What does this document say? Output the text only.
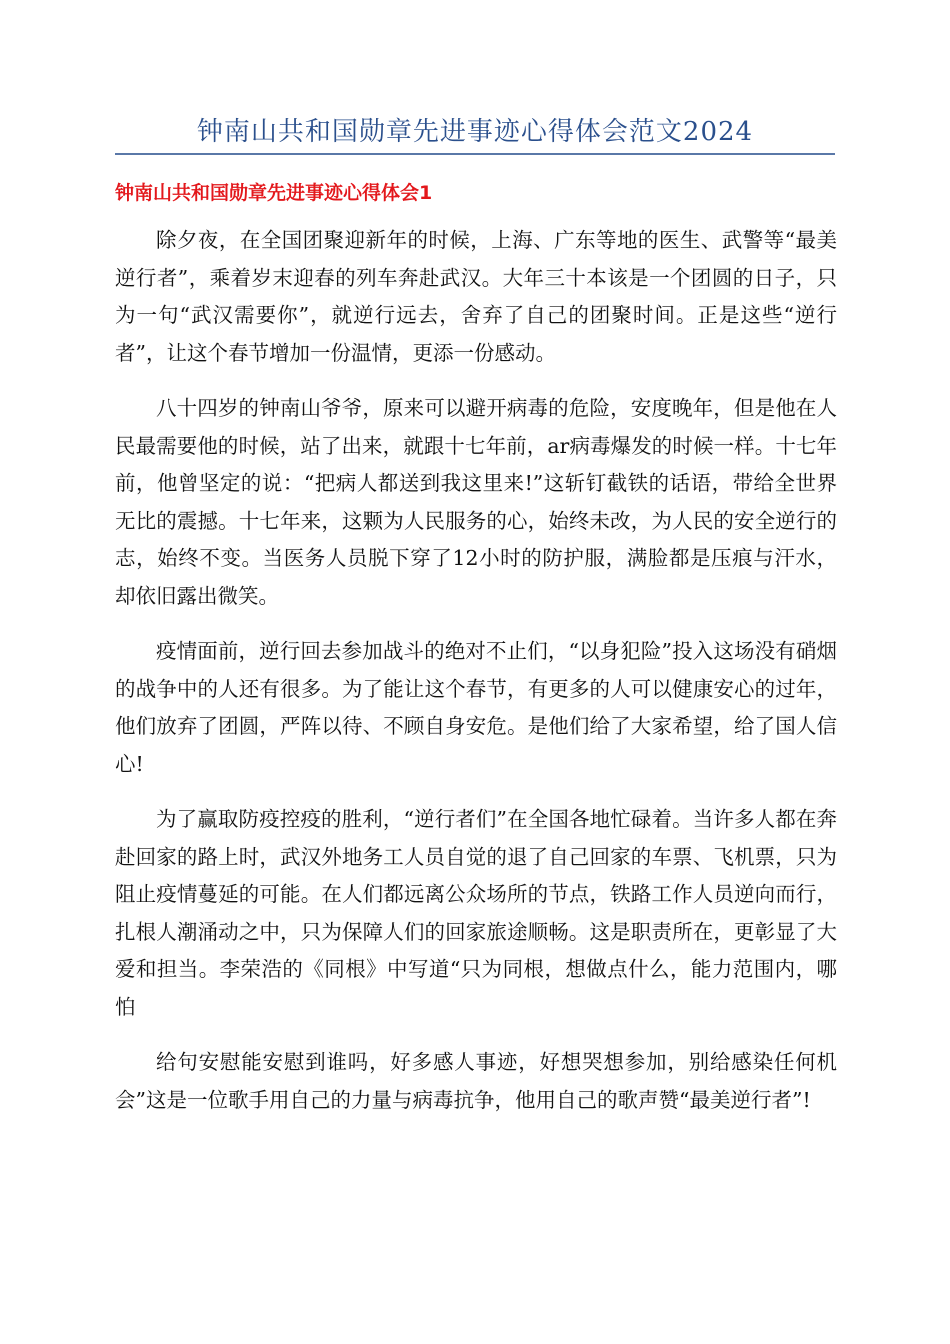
钟南山共和国勋章先进事迹心得体会范文2024
钟南山共和国勋章先进事迹心得体会1

除夕夜，在全国团聚迎新年的时候，上海、广东等地的医生、武警等“最美逆行者”，乘着岁末迎春的列车奔赴武汉。大年三十本该是一个团圆的日子，只为一句“武汉需要你”，就逆行远去，舍弃了自己的团聚时间。正是这些“逆行者”，让这个春节增加一份温情，更添一份感动。

八十四岁的钟南山爷爷，原来可以避开病毒的危险，安度晚年，但是他在人民最需要他的时候，站了出来，就跟十七年前，ar病毒爆发的时候一样。十七年前，他曾坚定的说：“把病人都送到我这里来!”这斩钉截铁的话语，带给全世界无比的震撼。十七年来，这颗为人民服务的心，始终未改，为人民的安全逆行的志，始终不变。当医务人员脱下穿了12小时的防护服，满脸都是压痕与汗水，却依旧露出微笑。

疫情面前，逆行回去参加战斗的绝对不止们，“以身犯险”投入这场没有硝烟的战争中的人还有很多。为了能让这个春节，有更多的人可以健康安心的过年，他们放弃了团圆，严阵以待、不顾自身安危。是他们给了大家希望，给了国人信心!

为了赢取防疫控疫的胜利，“逆行者们”在全国各地忙碌着。当许多人都在奔赴回家的路上时，武汉外地务工人员自觉的退了自己回家的车票、飞机票，只为阻止疫情蔓延的可能。在人们都远离公众场所的节点，铁路工作人员逆向而行，扎根人潮涌动之中，只为保障人们的回家旅途顺畅。这是职责所在，更彰显了大爱和担当。李荣浩的《同根》中写道“只为同根，想做点什么，能力范围内，哪怕

给句安慰能安慰到谁吗，好多感人事迹，好想哭想参加，别给感染任何机会”这是一位歌手用自己的力量与病毒抗争，他用自己的歌声赞“最美逆行者”!
